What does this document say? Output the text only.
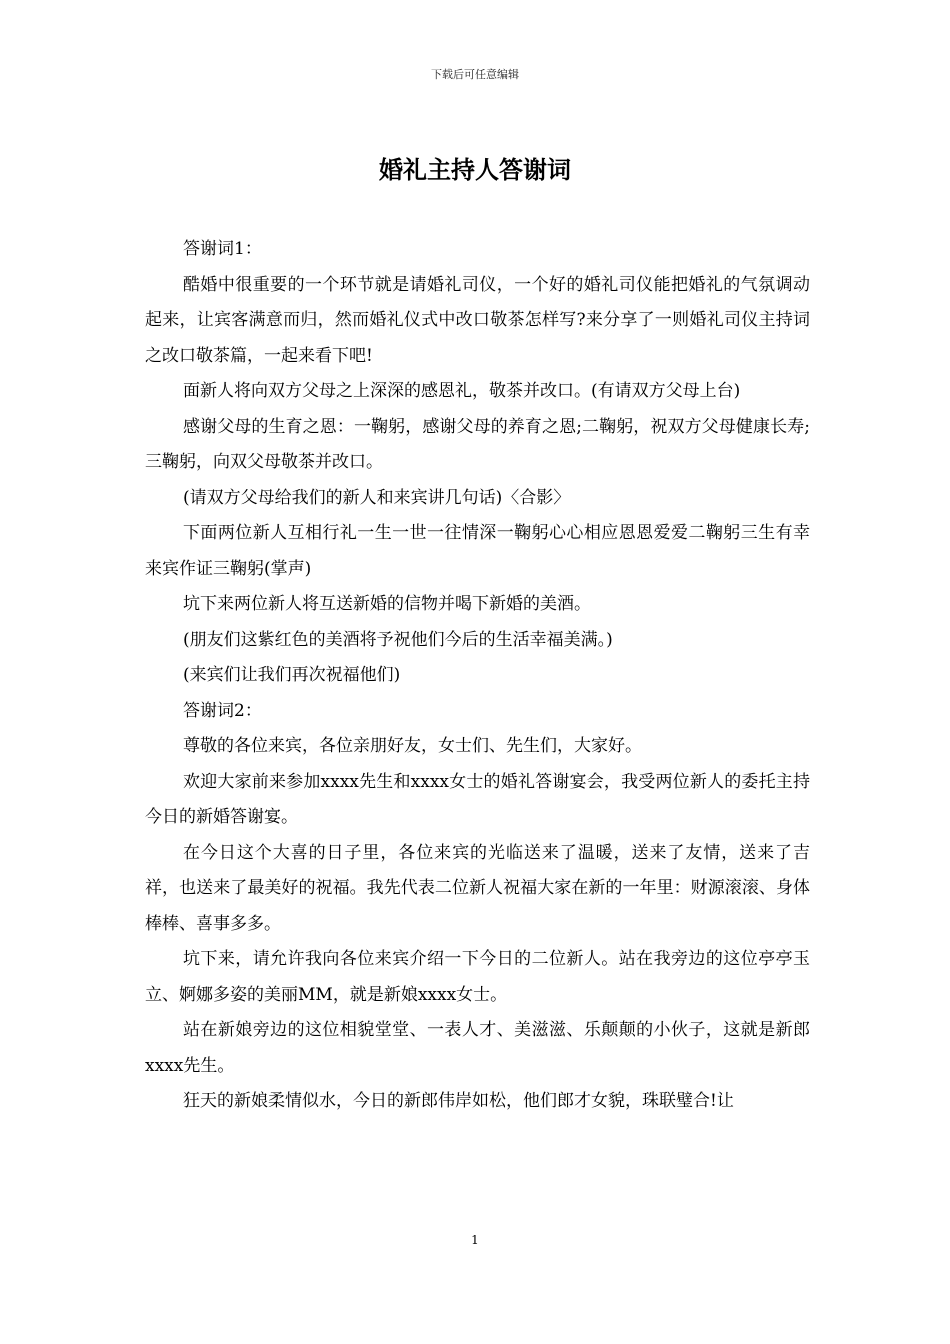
下载后可任意编辑
婚礼主持人答谢词

答谢词1：

酷婚中很重要的一个环节就是请婚礼司仪，一个好的婚礼司仪能把婚礼的气氛调动起来，让宾客满意而归，然而婚礼仪式中改口敬茶怎样写?来分享了一则婚礼司仪主持词之改口敬茶篇，一起来看下吧!

面新人将向双方父母之上深深的感恩礼，敬茶并改口。(有请双方父母上台)

感谢父母的生育之恩：一鞠躬，感谢父母的养育之恩;二鞠躬，祝双方父母健康长寿;三鞠躬，向双父母敬茶并改口。

(请双方父母给我们的新人和来宾讲几句话)〈合影〉

下面两位新人互相行礼一生一世一往情深一鞠躬心心相应恩恩爱爱二鞠躬三生有幸来宾作证三鞠躬(掌声)

坑下来两位新人将互送新婚的信物并喝下新婚的美酒。

(朋友们这紫红色的美酒将予祝他们今后的生活幸福美满。)

(来宾们让我们再次祝福他们)

答谢词2：

尊敬的各位来宾，各位亲朋好友，女士们、先生们，大家好。

欢迎大家前来参加xxxx先生和xxxx女士的婚礼答谢宴会，我受两位新人的委托主持今日的新婚答谢宴。

在今日这个大喜的日子里，各位来宾的光临送来了温暖，送来了友情，送来了吉祥，也送来了最美好的祝福。我先代表二位新人祝福大家在新的一年里：财源滚滚、身体棒棒、喜事多多。

坑下来，请允许我向各位来宾介绍一下今日的二位新人。站在我旁边的这位亭亭玉立、婀娜多姿的美丽MM，就是新娘xxxx女士。

站在新娘旁边的这位相貌堂堂、一表人才、美滋滋、乐颠颠的小伙子，这就是新郎xxxx先生。

狂天的新娘柔情似水，今日的新郎伟岸如松，他们郎才女貌，珠联璧合!让

1
